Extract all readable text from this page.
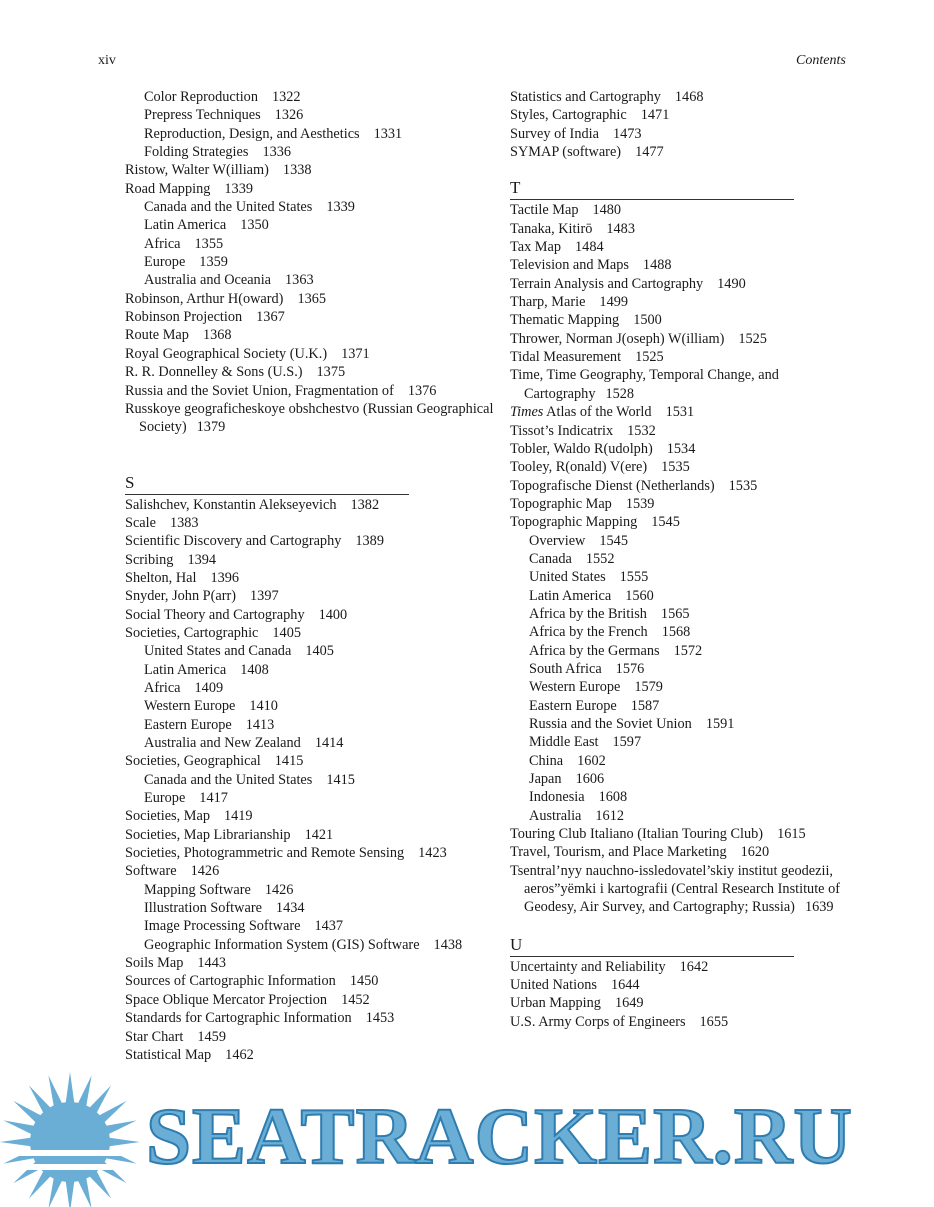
xiv	Contents
Color Reproduction 1322
Prepress Techniques 1326
Reproduction, Design, and Aesthetics 1331
Folding Strategies 1336
Ristow, Walter W(illiam) 1338
Road Mapping 1339
Canada and the United States 1339
Latin America 1350
Africa 1355
Europe 1359
Australia and Oceania 1363
Robinson, Arthur H(oward) 1365
Robinson Projection 1367
Route Map 1368
Royal Geographical Society (U.K.) 1371
R. R. Donnelley & Sons (U.S.) 1375
Russia and the Soviet Union, Fragmentation of 1376
Russkoye geograficheskoye obshchestvo (Russian Geographical Society) 1379
S
Salishchev, Konstantin Alekseyevich 1382
Scale 1383
Scientific Discovery and Cartography 1389
Scribing 1394
Shelton, Hal 1396
Snyder, John P(arr) 1397
Social Theory and Cartography 1400
Societies, Cartographic 1405
United States and Canada 1405
Latin America 1408
Africa 1409
Western Europe 1410
Eastern Europe 1413
Australia and New Zealand 1414
Societies, Geographical 1415
Canada and the United States 1415
Europe 1417
Societies, Map 1419
Societies, Map Librarianship 1421
Societies, Photogrammetric and Remote Sensing 1423
Software 1426
Mapping Software 1426
Illustration Software 1434
Image Processing Software 1437
Geographic Information System (GIS) Software 1438
Soils Map 1443
Sources of Cartographic Information 1450
Space Oblique Mercator Projection 1452
Standards for Cartographic Information 1453
Star Chart 1459
Statistical Map 1462
Statistics and Cartography 1468
Styles, Cartographic 1471
Survey of India 1473
SYMAP (software) 1477
T
Tactile Map 1480
Tanaka, Kitirō 1483
Tax Map 1484
Television and Maps 1488
Terrain Analysis and Cartography 1490
Tharp, Marie 1499
Thematic Mapping 1500
Thrower, Norman J(oseph) W(illiam) 1525
Tidal Measurement 1525
Time, Time Geography, Temporal Change, and Cartography 1528
Times Atlas of the World 1531
Tissot’s Indicatrix 1532
Tobler, Waldo R(udolph) 1534
Tooley, R(onald) V(ere) 1535
Topografische Dienst (Netherlands) 1535
Topographic Map 1539
Topographic Mapping 1545
Overview 1545
Canada 1552
United States 1555
Latin America 1560
Africa by the British 1565
Africa by the French 1568
Africa by the Germans 1572
South Africa 1576
Western Europe 1579
Eastern Europe 1587
Russia and the Soviet Union 1591
Middle East 1597
China 1602
Japan 1606
Indonesia 1608
Australia 1612
Touring Club Italiano (Italian Touring Club) 1615
Travel, Tourism, and Place Marketing 1620
Tsentral’nyy nauchno-issledovatel’skiy institut geodezii, aeros”yëmki i kartografii (Central Research Institute of Geodesy, Air Survey, and Cartography; Russia) 1639
U
Uncertainty and Reliability 1642
United Nations 1644
Urban Mapping 1649
U.S. Army Corps of Engineers 1655
SEATRACKER.RU
